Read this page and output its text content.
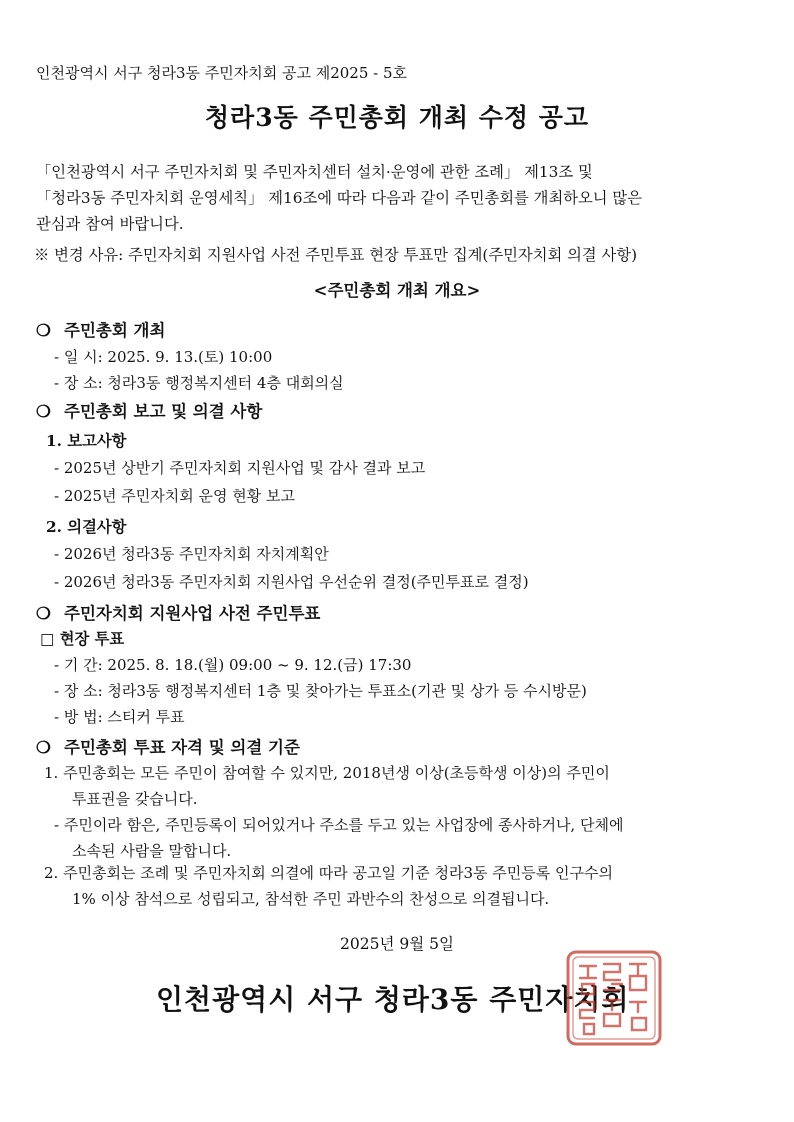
인천광역시 서구 청라3동 주민자치회 공고 제2025 - 5호
청라3동 주민총회 개최 수정 공고
「인천광역시 서구 주민자치회 및 주민자치센터 설치·운영에 관한 조례」 제13조 및
「청라3동 주민자치회 운영세칙」 제16조에 따라 다음과 같이 주민총회를 개최하오니 많은
관심과 참여 바랍니다.
※ 변경 사유: 주민자치회 지원사업 사전 주민투표 현장 투표만 집계(주민자치회 의결 사항)
<주민총회 개최 개요>
❍ 주민총회 개최
- 일 시: 2025. 9. 13.(토) 10:00
- 장 소: 청라3동 행정복지센터 4층 대회의실
❍ 주민총회 보고 및 의결 사항
1. 보고사항
- 2025년 상반기 주민자치회 지원사업 및 감사 결과 보고
- 2025년 주민자치회 운영 현황 보고
2. 의결사항
- 2026년 청라3동 주민자치회 자치계획안
- 2026년 청라3동 주민자치회 지원사업 우선순위 결정(주민투표로 결정)
❍ 주민자치회 지원사업 사전 주민투표
□ 현장 투표
- 기 간: 2025. 8. 18.(월) 09:00 ~ 9. 12.(금) 17:30
- 장 소: 청라3동 행정복지센터 1층 및 찾아가는 투표소(기관 및 상가 등 수시방문)
- 방 법: 스티커 투표
❍ 주민총회 투표 자격 및 의결 기준
1. 주민총회는 모든 주민이 참여할 수 있지만, 2018년생 이상(초등학생 이상)의 주민이
투표권을 갖습니다.
- 주민이라 함은, 주민등록이 되어있거나 주소를 두고 있는 사업장에 종사하거나, 단체에
소속된 사람을 말합니다.
2. 주민총회는 조례 및 주민자치회 의결에 따라 공고일 기준 청라3동 주민등록 인구수의
1% 이상 참석으로 성립되고, 참석한 주민 과반수의 찬성으로 의결됩니다.
2025년 9월 5일
인천광역시 서구 청라3동 주민자치회
